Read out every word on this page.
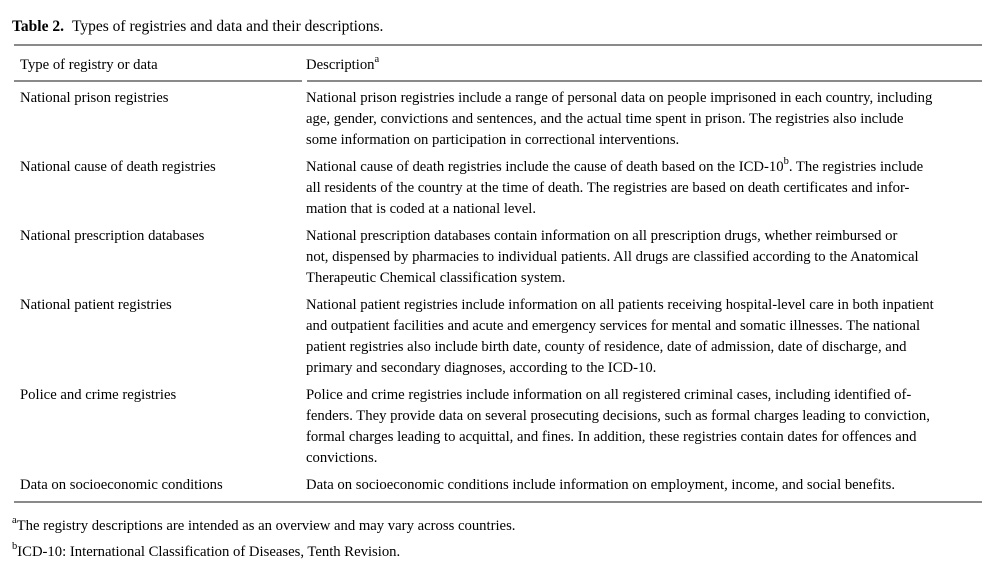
Table 2. Types of registries and data and their descriptions.
Type of registry or data	Description$^a$
National prison registries	National prison registries include a range of personal data on people imprisoned in each country, including
age, gender, convictions and sentences, and the actual time spent in prison. The registries also include
some information on participation in correctional interventions.
National cause of death registries	National cause of death registries include the cause of death based on the ICD-10$^b$. The registries include
all residents of the country at the time of death. The registries are based on death certificates and infor-
mation that is coded at a national level.
National prescription databases	National prescription databases contain information on all prescription drugs, whether reimbursed or
not, dispensed by pharmacies to individual patients. All drugs are classified according to the Anatomical
Therapeutic Chemical classification system.
National patient registries	National patient registries include information on all patients receiving hospital-level care in both inpatient
and outpatient facilities and acute and emergency services for mental and somatic illnesses. The national
patient registries also include birth date, county of residence, date of admission, date of discharge, and
primary and secondary diagnoses, according to the ICD-10.
Police and crime registries	Police and crime registries include information on all registered criminal cases, including identified of-
fenders. They provide data on several prosecuting decisions, such as formal charges leading to conviction,
formal charges leading to acquittal, and fines. In addition, these registries contain dates for offences and
convictions.
Data on socioeconomic conditions	Data on socioeconomic conditions include information on employment, income, and social benefits.
$^a$The registry descriptions are intended as an overview and may vary across countries.
$^b$ICD-10: International Classification of Diseases, Tenth Revision.
